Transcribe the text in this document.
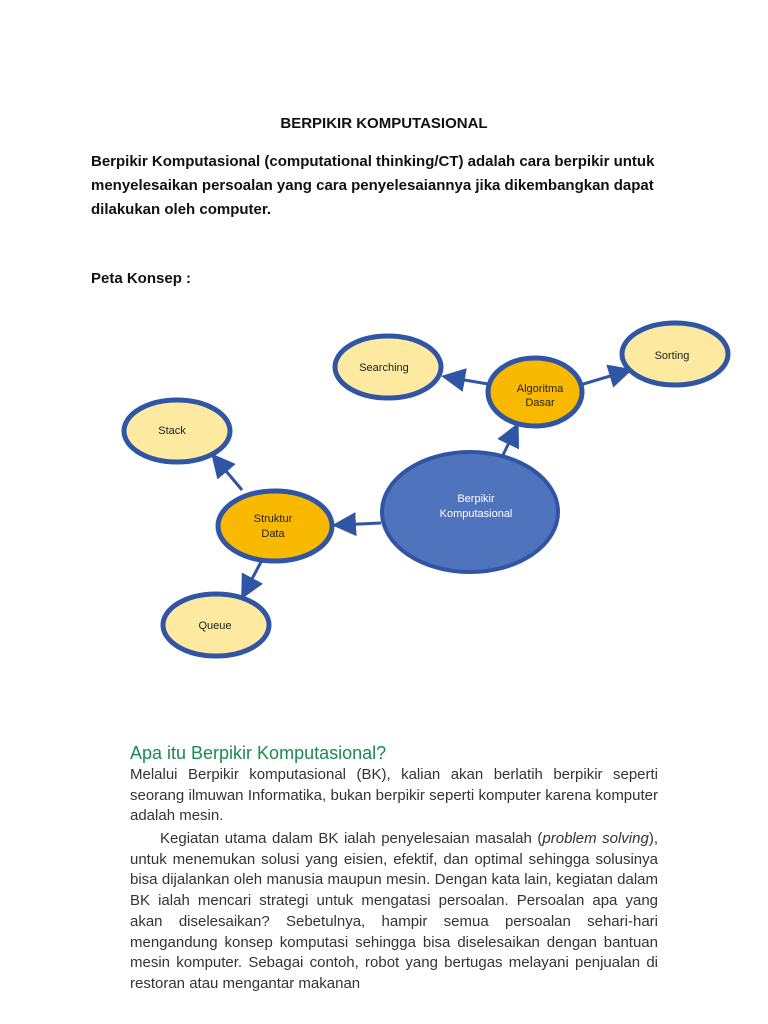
BERPIKIR KOMPUTASIONAL

Berpikir Komputasional (computational thinking/CT) adalah cara berpikir untuk menyelesaikan persoalan yang cara penyelesaiannya jika dikembangkan dapat dilakukan oleh computer.

Peta Konsep :
Berpikir
Komputasional
Algoritma
Dasar
Struktur
Data
Searching
Sorting
Stack
Queue
Apa itu Berpikir Komputasional?

Melalui Berpikir komputasional (BK), kalian akan berlatih berpikir seperti seorang ilmuwan Informatika, bukan berpikir seperti komputer karena komputer adalah mesin.

Kegiatan utama dalam BK ialah penyelesaian masalah (problem solving), untuk menemukan solusi yang eisien, efektif, dan optimal sehingga solusinya bisa dijalankan oleh manusia maupun mesin. Dengan kata lain, kegiatan dalam BK ialah mencari strategi untuk mengatasi persoalan. Persoalan apa yang akan diselesaikan? Sebetulnya, hampir semua persoalan sehari-hari mengandung konsep komputasi sehingga bisa diselesaikan dengan bantuan mesin komputer. Sebagai contoh, robot yang bertugas melayani penjualan di restoran atau mengantar makanan
